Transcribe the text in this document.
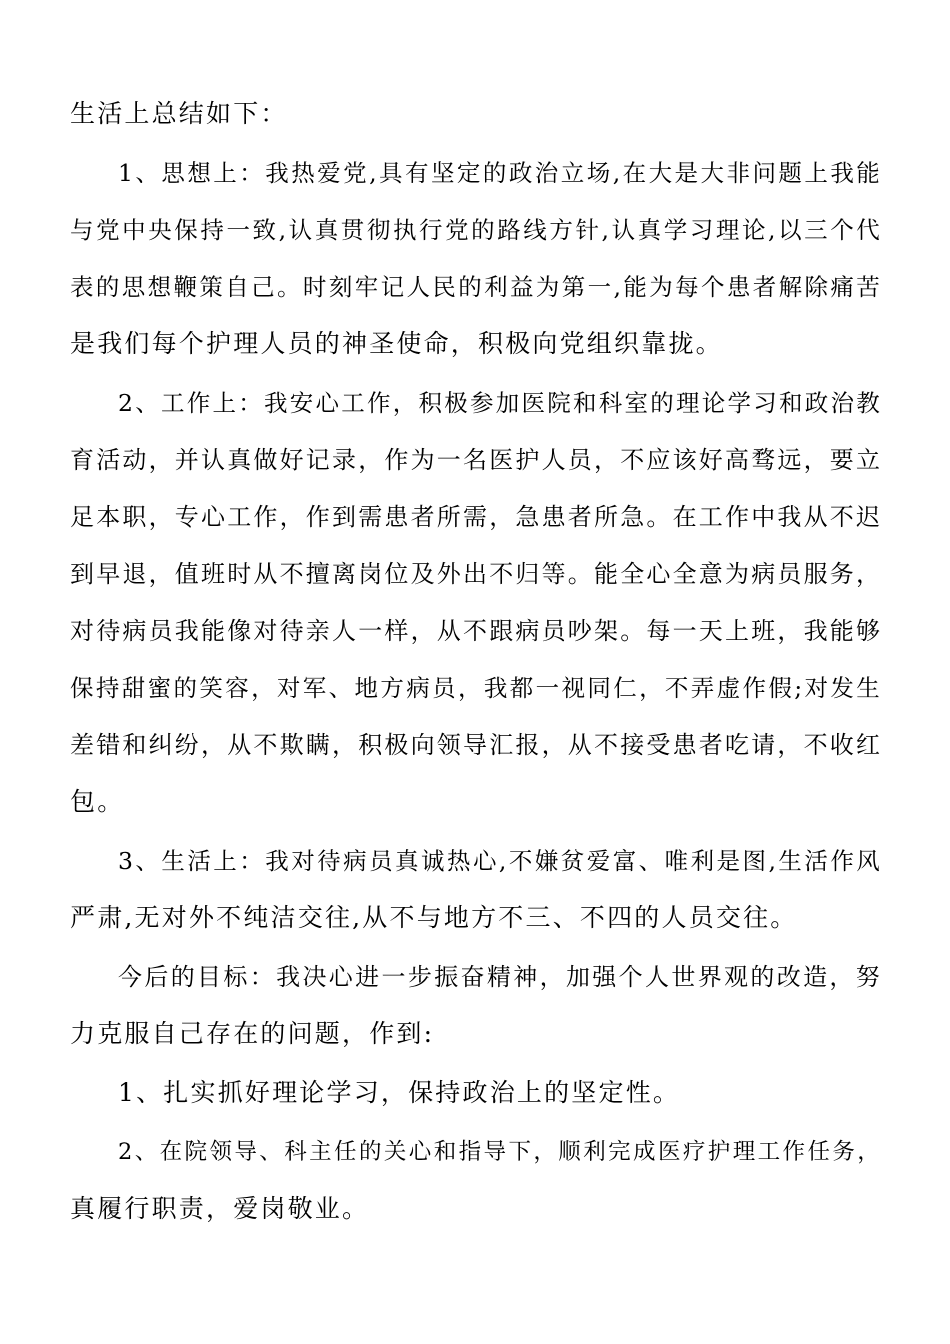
生活上总结如下：

1、思想上：我热爱党,具有坚定的政治立场,在大是大非问题上我能

与党中央保持一致,认真贯彻执行党的路线方针,认真学习理论,以三个代

表的思想鞭策自己。时刻牢记人民的利益为第一,能为每个患者解除痛苦

是我们每个护理人员的神圣使命，积极向党组织靠拢。

2、工作上：我安心工作，积极参加医院和科室的理论学习和政治教

育活动，并认真做好记录，作为一名医护人员，不应该好高骛远，要立

足本职，专心工作，作到需患者所需，急患者所急。在工作中我从不迟

到早退，值班时从不擅离岗位及外出不归等。能全心全意为病员服务，

对待病员我能像对待亲人一样，从不跟病员吵架。每一天上班，我能够

保持甜蜜的笑容，对军、地方病员，我都一视同仁，不弄虚作假;对发生

差错和纠纷，从不欺瞒，积极向领导汇报，从不接受患者吃请，不收红

包。

3、生活上：我对待病员真诚热心,不嫌贫爱富、唯利是图,生活作风

严肃,无对外不纯洁交往,从不与地方不三、不四的人员交往。

今后的目标：我决心进一步振奋精神，加强个人世界观的改造，努

力克服自己存在的问题，作到:

1、扎实抓好理论学习，保持政治上的坚定性。

2、在院领导、科主任的关心和指导下，顺利完成医疗护理工作任务，

真履行职责，爱岗敬业。
